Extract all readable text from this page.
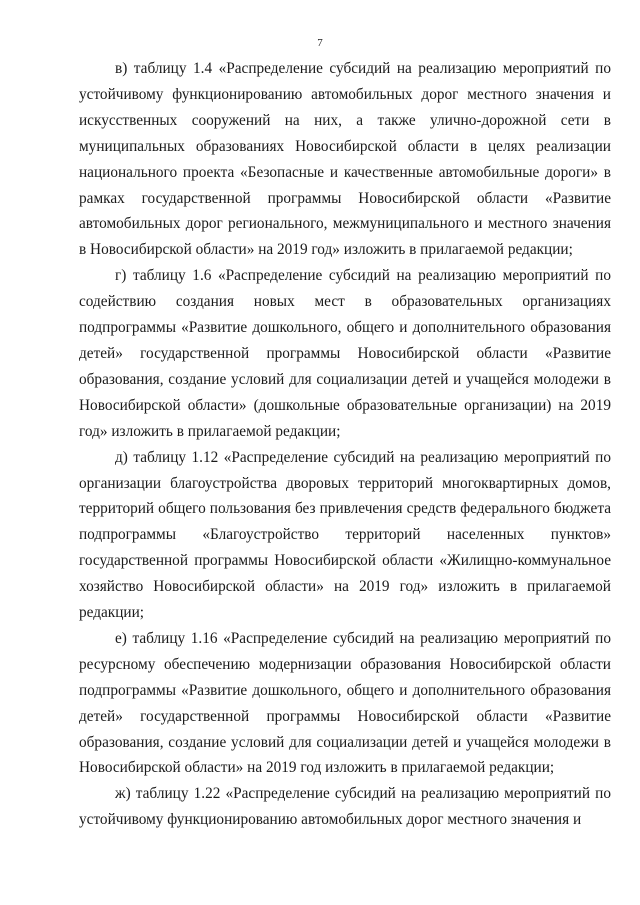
7

в) таблицу 1.4 «Распределение субсидий на реализацию мероприятий по устойчивому функционированию автомобильных дорог местного значения и искусственных сооружений на них, а также улично-дорожной сети в муниципальных образованиях Новосибирской области в целях реализации национального проекта «Безопасные и качественные автомобильные дороги» в рамках государственной программы Новосибирской области «Развитие автомобильных дорог регионального, межмуниципального и местного значения в Новосибирской области» на 2019 год» изложить в прилагаемой редакции;

г) таблицу 1.6 «Распределение субсидий на реализацию мероприятий по содействию создания новых мест в образовательных организациях подпрограммы «Развитие дошкольного, общего и дополнительного образования детей» государственной программы Новосибирской области «Развитие образования, создание условий для социализации детей и учащейся молодежи в Новосибирской области» (дошкольные образовательные организации) на 2019 год» изложить в прилагаемой редакции;

д) таблицу 1.12 «Распределение субсидий на реализацию мероприятий по организации благоустройства дворовых территорий многоквартирных домов, территорий общего пользования без привлечения средств федерального бюджета подпрограммы «Благоустройство территорий населенных пунктов» государственной программы Новосибирской области «Жилищно-коммунальное хозяйство Новосибирской области» на 2019 год» изложить в прилагаемой редакции;

е) таблицу 1.16 «Распределение субсидий на реализацию мероприятий по ресурсному обеспечению модернизации образования Новосибирской области подпрограммы «Развитие дошкольного, общего и дополнительного образования детей» государственной программы Новосибирской области «Развитие образования, создание условий для социализации детей и учащейся молодежи в Новосибирской области» на 2019 год изложить в прилагаемой редакции;

ж) таблицу 1.22 «Распределение субсидий на реализацию мероприятий по устойчивому функционированию автомобильных дорог местного значения и
